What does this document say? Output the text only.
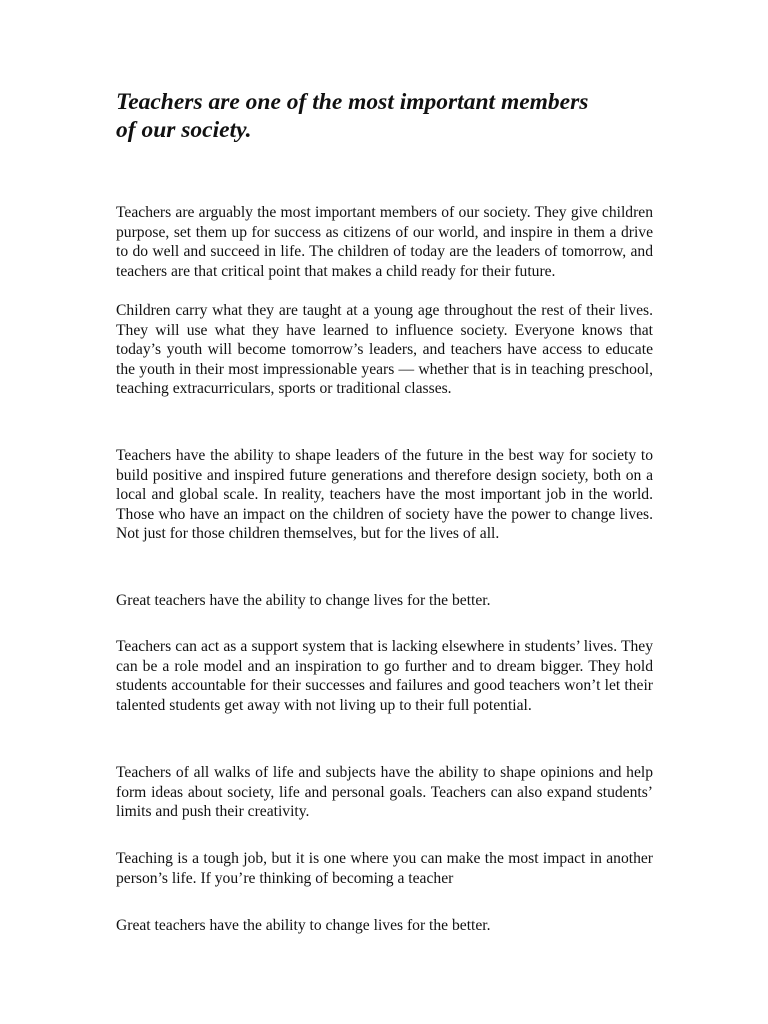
Teachers are one of the most important members
of our society.

Teachers are arguably the most important members of our society. They give children purpose, set them up for success as citizens of our world, and inspire in them a drive to do well and succeed in life. The children of today are the leaders of tomorrow, and teachers are that critical point that makes a child ready for their future.

Children carry what they are taught at a young age throughout the rest of their lives. They will use what they have learned to influence society. Everyone knows that today’s youth will become tomorrow’s leaders, and teachers have access to educate the youth in their most impressionable years — whether that is in teaching preschool, teaching extracurriculars, sports or traditional classes.

Teachers have the ability to shape leaders of the future in the best way for society to build positive and inspired future generations and therefore design society, both on a local and global scale. In reality, teachers have the most important job in the world. Those who have an impact on the children of society have the power to change lives. Not just for those children themselves, but for the lives of all.

Great teachers have the ability to change lives for the better.

Teachers can act as a support system that is lacking elsewhere in students’ lives. They can be a role model and an inspiration to go further and to dream bigger. They hold students accountable for their successes and failures and good teachers won’t let their talented students get away with not living up to their full potential.

Teachers of all walks of life and subjects have the ability to shape opinions and help form ideas about society, life and personal goals. Teachers can also expand students’ limits and push their creativity.

Teaching is a tough job, but it is one where you can make the most impact in another person’s life. If you’re thinking of becoming a teacher

Great teachers have the ability to change lives for the better.
